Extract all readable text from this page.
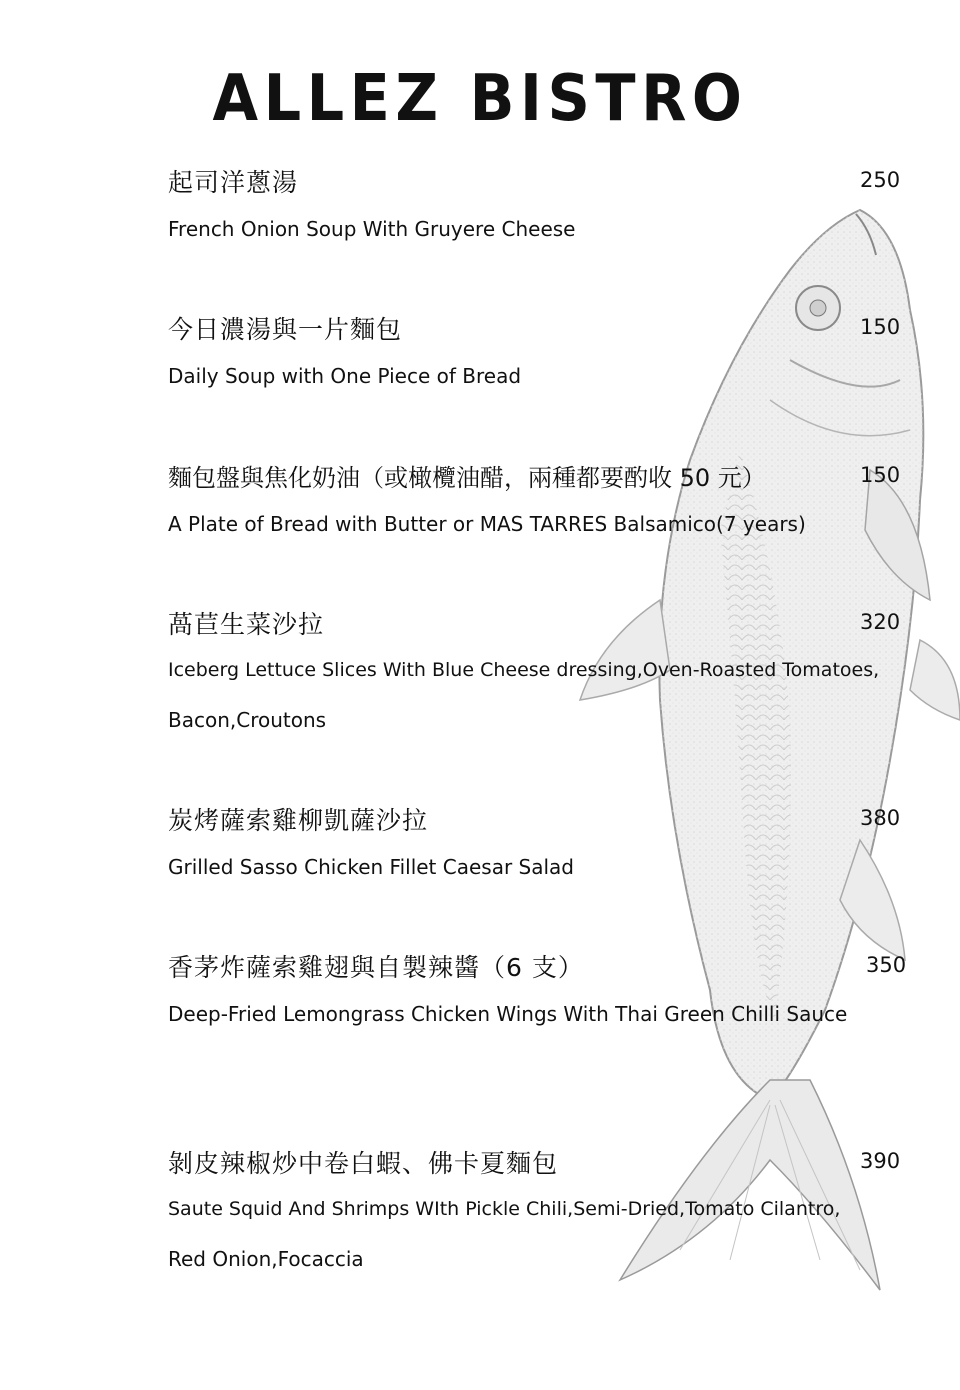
ALLEZ BISTRO
起司洋蔥湯	250
French Onion Soup With Gruyere Cheese
今日濃湯與一片麵包	150
Daily Soup with One Piece of Bread
麵包盤與焦化奶油（或橄欖油醋，兩種都要酌收 50 元）	150
A Plate of Bread with Butter or MAS TARRES Balsamico(7 years)
萵苣生菜沙拉	320
Iceberg Lettuce Slices With Blue Cheese dressing,Oven-Roasted Tomatoes,
Bacon,Croutons
炭烤薩索雞柳凱薩沙拉	380
Grilled Sasso Chicken Fillet Caesar Salad
香茅炸薩索雞翅與自製辣醬（6 支）	350
Deep-Fried Lemongrass Chicken Wings With Thai Green Chilli Sauce
剝皮辣椒炒中卷白蝦、佛卡夏麵包	390
Saute Squid And Shrimps WIth Pickle Chili,Semi-Dried,Tomato Cilantro,
Red Onion,Focaccia
